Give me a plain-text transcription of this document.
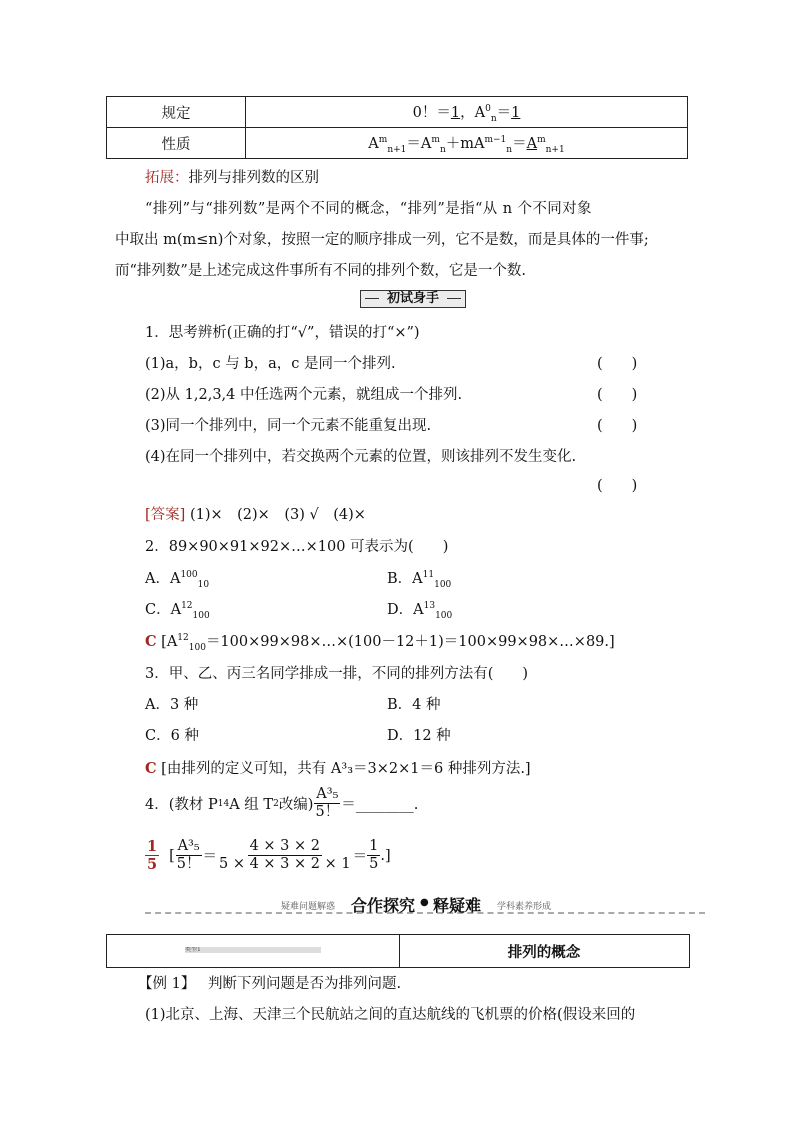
规定	0！＝1，$A^0_n=1$
性质	$A^m_{n+1}=A^m_n+mA^{m-1}_n=A^m_{n+1}$
拓展：排列与排列数的区别
“排列”与“排列数”是两个不同的概念，“排列”是指“从 n 个不同对象
中取出 m(m≤n)个对象，按照一定的顺序排成一列，它不是数，而是具体的一件事;
而“排列数”是上述完成这件事所有不同的排列个数，它是一个数.
初试身手
1．思考辨析(正确的打“√”，错误的打“×”)
(1)a，b，c 与 b，a，c 是同一个排列.	(　　)
(2)从 1,2,3,4 中任选两个元素，就组成一个排列.	(　　)
(3)同一个排列中，同一个元素不能重复出现.	(　　)
(4)在同一个排列中，若交换两个元素的位置，则该排列不发生变化.
(　　)
[答案] (1)×　(2)×　(3) √　(4)×
2．89×90×91×92×…×100 可表示为(　　)
A．$A^{100}_{10}$	B．$A^{11}_{100}$
C．$A^{12}_{100}$	D．$A^{13}_{100}$
C $[A^{12}_{100}=100\times 99\times 98\times\dots\times(100-12+1)=100\times 99\times 98\times\dots\times 89.]$
3．甲、乙、丙三名同学排成一排，不同的排列方法有(　　)
A．3 种	B．4 种
C．6 种	D．12 种
C [由排列的定义可知，共有 A³₃＝3×2×1＝6 种排列方法.]
4．(教材 P 14 A 组 T 2 改编) $\frac{\text{A³₅}}{5!}$ ＝________.
$\frac{1}{5}$ [ $\frac{\text{A³₅}}{5!} = \frac{4 \times 3 \times 2}{5 \times 4 \times 3 \times 2 \times 1} = \frac{1}{5}$ .]
疑难问题解惑 合作探究 ● 释疑难 学科素养形成
类型1	排列的概念
【例 1】 判断下列问题是否为排列问题.
(1)北京、上海、天津三个民航站之间的直达航线的飞机票的价格(假设来回的
